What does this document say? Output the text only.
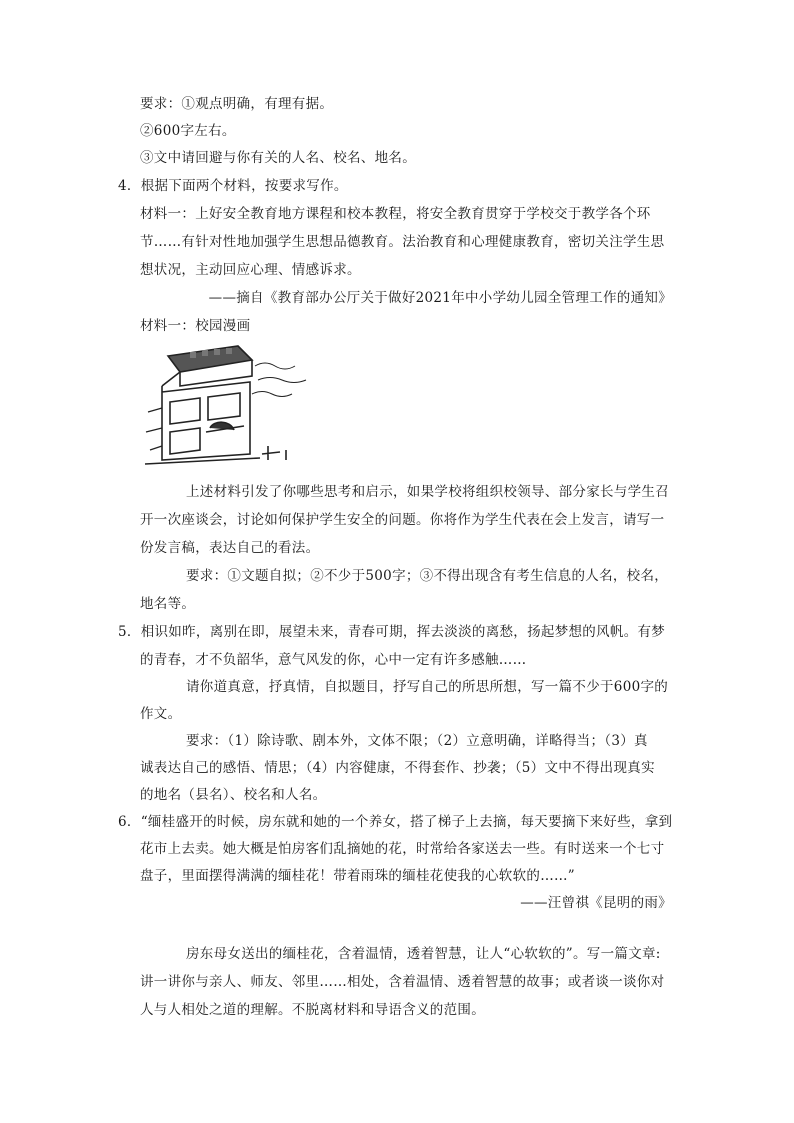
要求：①观点明确，有理有据。
②600字左右。
③文中请回避与你有关的人名、校名、地名。
4．根据下面两个材料，按要求写作。
材料一：上好安全教育地方课程和校本教程，将安全教育贯穿于学校交于教学各个环
节……有针对性地加强学生思想品德教育。法治教育和心理健康教育，密切关注学生思
想状况，主动回应心理、情感诉求。
——摘自《教育部办公厅关于做好2021年中小学幼儿园全管理工作的通知》
材料一：校园漫画
上述材料引发了你哪些思考和启示，如果学校将组织校领导、部分家长与学生召
开一次座谈会，讨论如何保护学生安全的问题。你将作为学生代表在会上发言，请写一
份发言稿，表达自己的看法。
要求：①文题自拟；②不少于500字；③不得出现含有考生信息的人名，校名，
地名等。
5．相识如昨，离别在即，展望未来，青春可期，挥去淡淡的离愁，扬起梦想的风帆。有梦
的青春，才不负韶华，意气风发的你，心中一定有许多感触……
请你道真意，抒真情，自拟题目，抒写自己的所思所想，写一篇不少于600字的
作文。
要求：（1）除诗歌、剧本外，文体不限；（2）立意明确，详略得当；（3）真
诚表达自己的感悟、情思；（4）内容健康，不得套作、抄袭；（5）文中不得出现真实
的地名（县名）、校名和人名。
6．“缅桂盛开的时候，房东就和她的一个养女，搭了梯子上去摘，每天要摘下来好些，拿到
花市上去卖。她大概是怕房客们乱摘她的花，时常给各家送去一些。有时送来一个七寸
盘子，里面摆得满满的缅桂花！带着雨珠的缅桂花使我的心软软的……”
——汪曾祺《昆明的雨》
房东母女送出的缅桂花，含着温情，透着智慧，让人“心软软的”。写一篇文章:
讲一讲你与亲人、师友、邻里……相处，含着温情、透着智慧的故事；或者谈一谈你对
人与人相处之道的理解。不脱离材料和导语含义的范围。
